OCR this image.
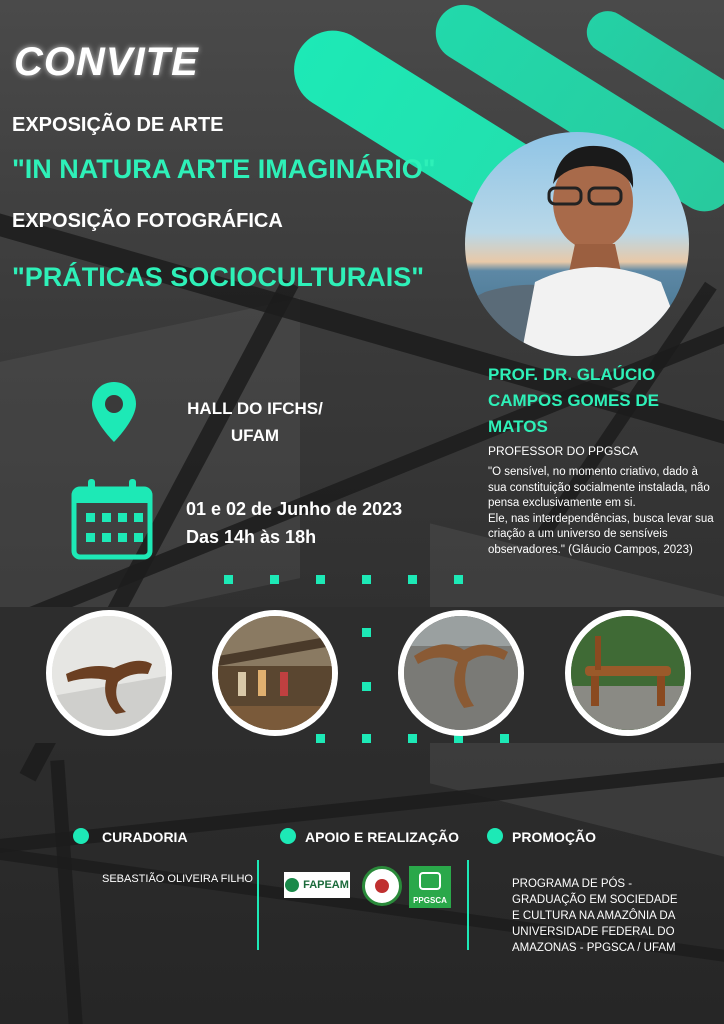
CONVITE
EXPOSIÇÃO DE ARTE
"IN NATURA ARTE IMAGINÁRIO"
EXPOSIÇÃO FOTOGRÁFICA
"PRÁTICAS SOCIOCULTURAIS"
PROF. DR. GLAÚCIO CAMPOS GOMES DE MATOS
PROFESSOR DO PPGSCA
"O sensível, no momento criativo, dado à sua constituição socialmente instalada, não pensa exclusivamente em si.
Ele, nas interdependências, busca levar sua criação a um universo de sensíveis observadores." (Gláucio Campos, 2023)
HALL DO IFCHS/
UFAM
01 e 02 de Junho de 2023
Das 14h às 18h
CURADORIA
SEBASTIÃO OLIVEIRA FILHO
APOIO E REALIZAÇÃO
FAPEAM
PPGSCA
PROMOÇÃO
PROGRAMA DE PÓS - GRADUAÇÃO EM SOCIEDADE E CULTURA NA AMAZÔNIA DA UNIVERSIDADE FEDERAL DO AMAZONAS - PPGSCA / UFAM
